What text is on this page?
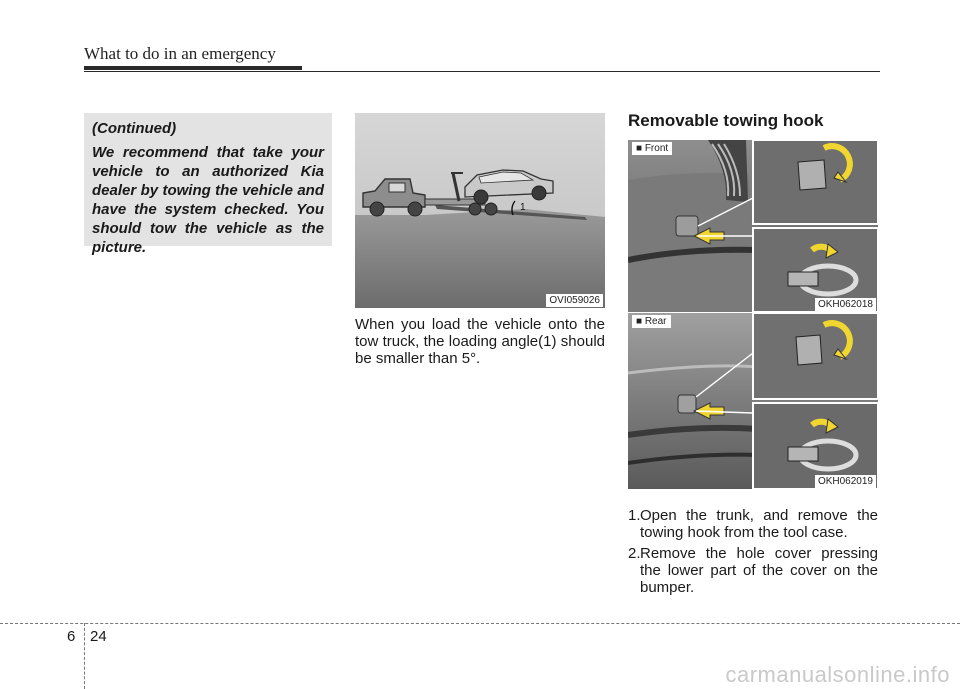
What to do in an emergency

(Continued)

We recommend that take your vehicle to an authorized Kia dealer by towing the vehicle and have the system checked. You should tow the vehicle as the picture.

1
OVI059026

When you load the vehicle onto the tow truck, the loading angle(1) should be smaller than 5°.

Removable towing hook
■ Front
OKH062018
■ Rear
OKH062019
1. Open the trunk, and remove the towing hook from the tool case.
2. Remove the hole cover pressing the lower part of the cover on the bumper.
6 24
carmanualsonline.info
